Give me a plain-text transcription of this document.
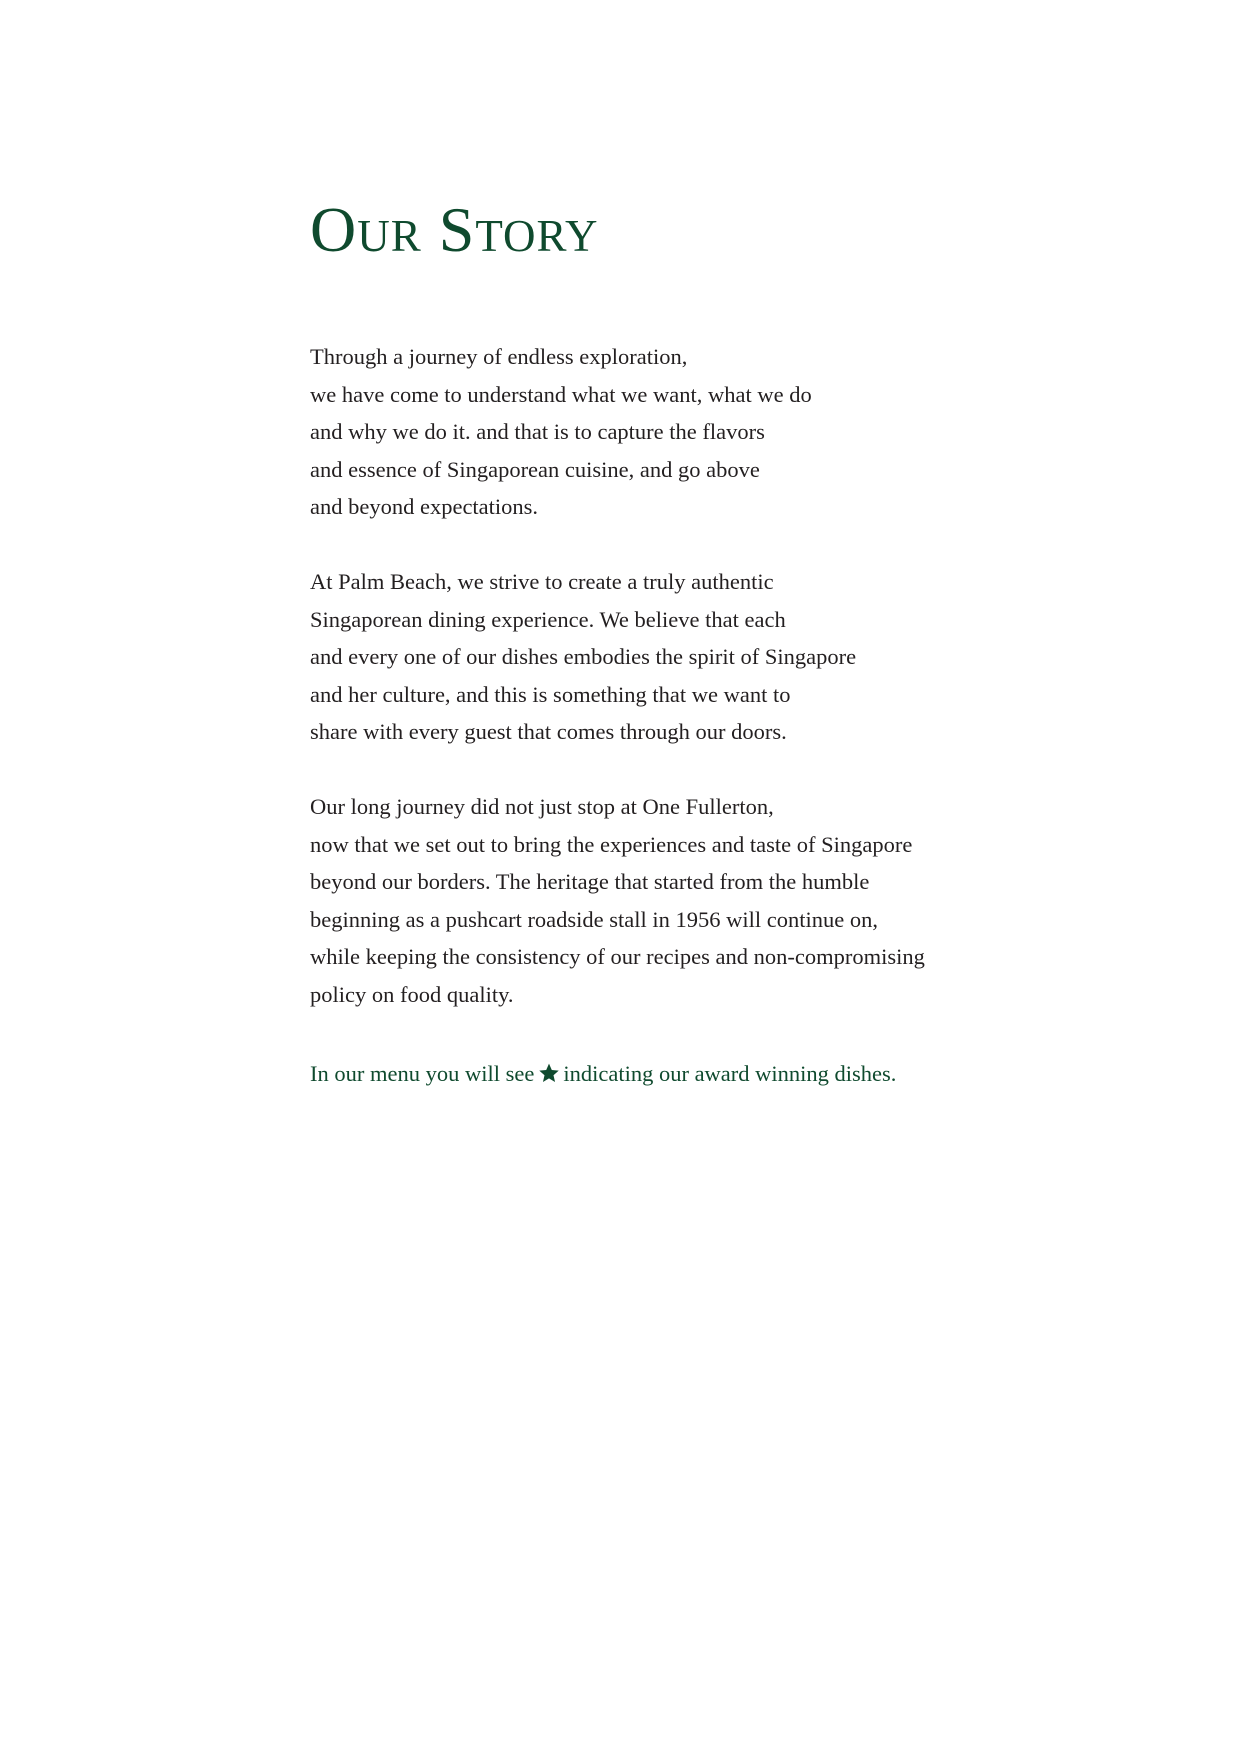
Our Story

Through a journey of endless exploration,
we have come to understand what we want, what we do
and why we do it. and that is to capture the flavors
and essence of Singaporean cuisine, and go above
and beyond expectations.

At Palm Beach, we strive to create a truly authentic
Singaporean dining experience. We believe that each
and every one of our dishes embodies the spirit of Singapore
and her culture, and this is something that we want to
share with every guest that comes through our doors.

Our long journey did not just stop at One Fullerton,
now that we set out to bring the experiences and taste of Singapore
beyond our borders. The heritage that started from the humble
beginning as a pushcart roadside stall in 1956 will continue on,
while keeping the consistency of our recipes and non-compromising
policy on food quality.

In our menu you will see indicating our award winning dishes.
